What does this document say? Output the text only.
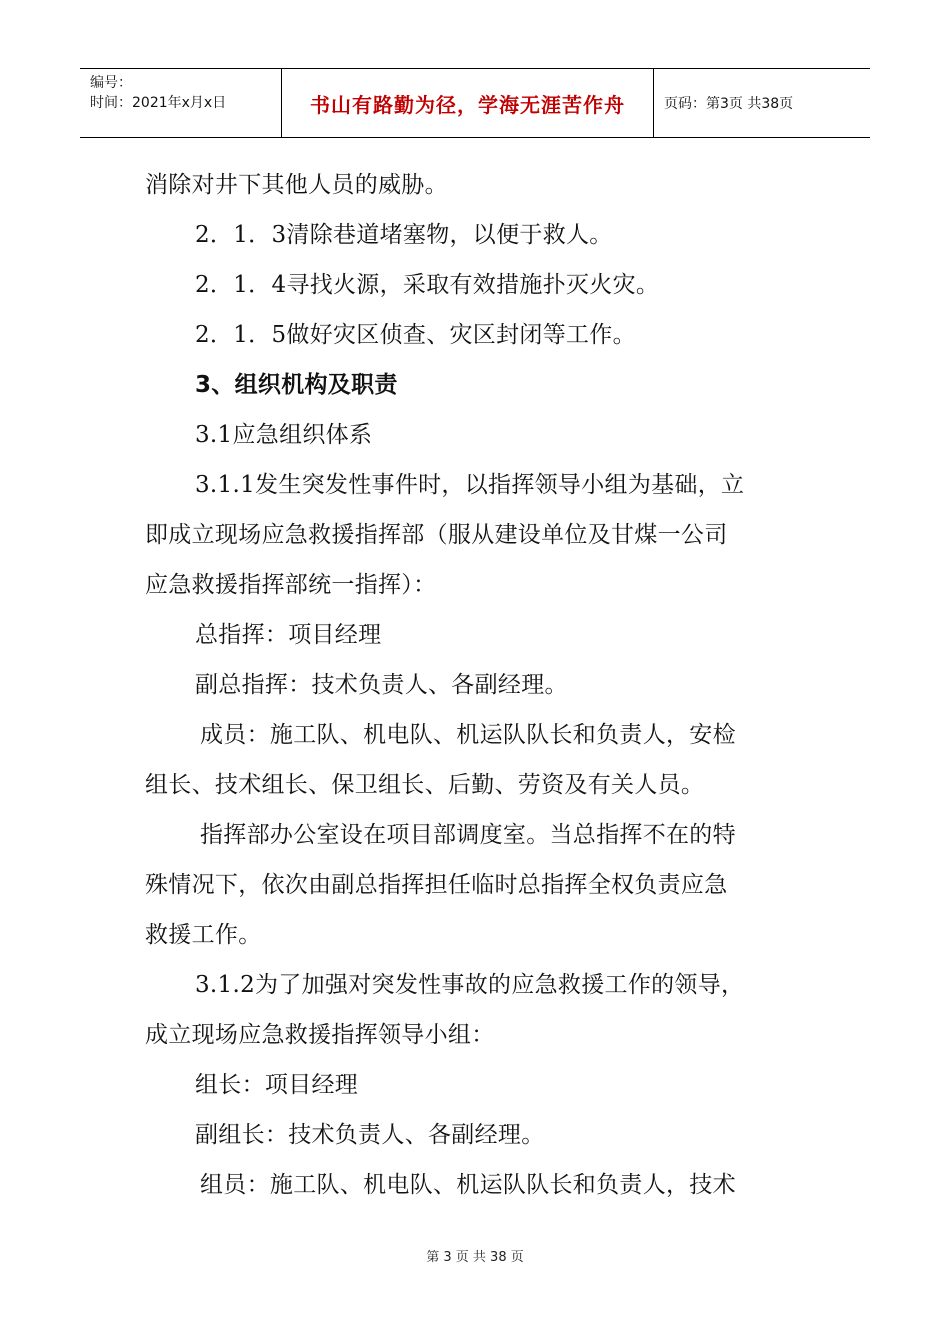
编号：
时间：2021年x月x日	书山有路勤为径，学海无涯苦作舟	页码：第3页 共38页
消除对井下其他人员的威胁。
2．1．3清除巷道堵塞物，以便于救人。
2．1．4寻找火源，采取有效措施扑灭火灾。
2．1．5做好灾区侦查、灾区封闭等工作。
3、组织机构及职责
3.1应急组织体系
3.1.1发生突发性事件时，以指挥领导小组为基础，立
即成立现场应急救援指挥部（服从建设单位及甘煤一公司
应急救援指挥部统一指挥）：
总指挥：项目经理
副总指挥：技术负责人、各副经理。
成员：施工队、机电队、机运队队长和负责人，安检
组长、技术组长、保卫组长、后勤、劳资及有关人员。
指挥部办公室设在项目部调度室。当总指挥不在的特
殊情况下，依次由副总指挥担任临时总指挥全权负责应急
救援工作。
3.1.2为了加强对突发性事故的应急救援工作的领导，
成立现场应急救援指挥领导小组：
组长：项目经理
副组长：技术负责人、各副经理。
组员：施工队、机电队、机运队队长和负责人，技术
第 3 页 共 38 页
